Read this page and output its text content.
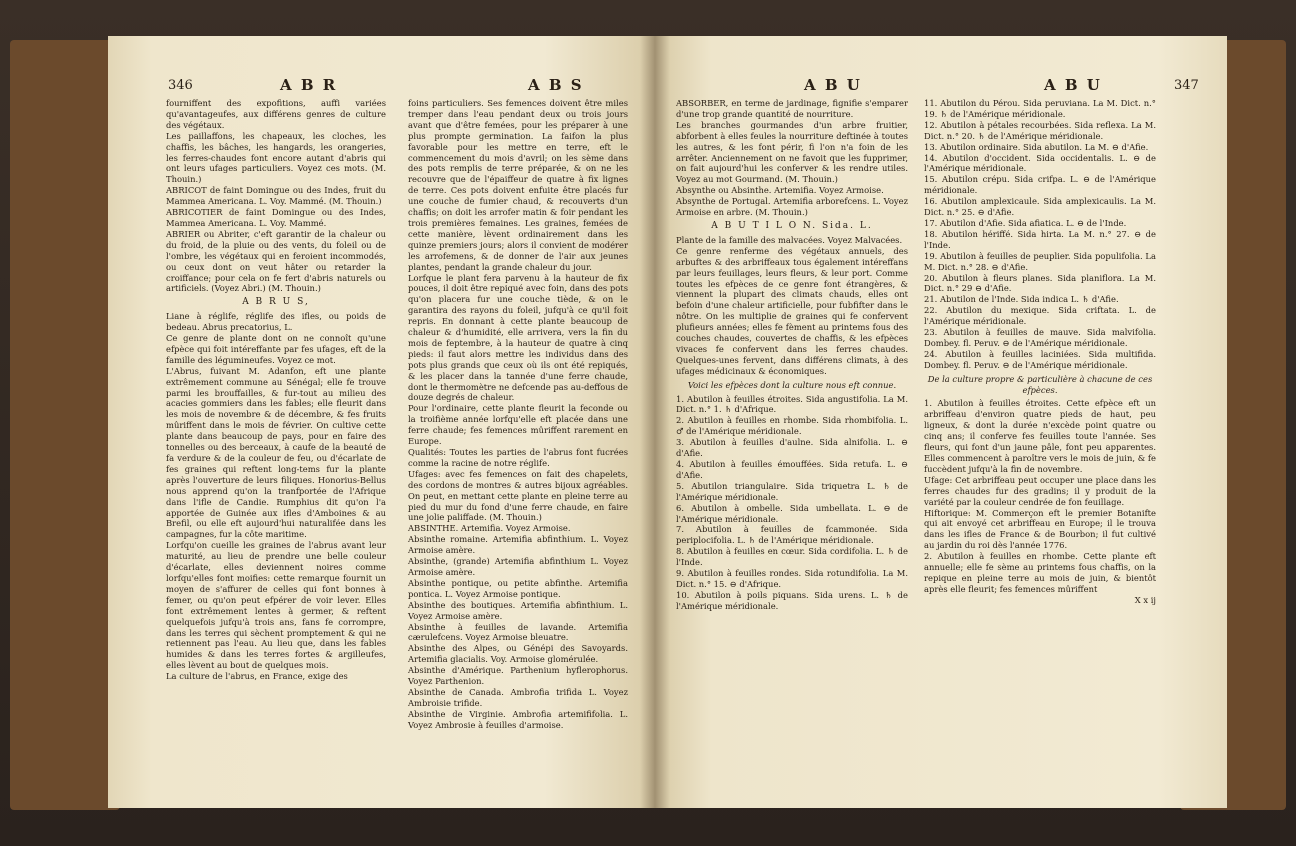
346	A B R	A B S

fourniffent des expofitions, auffi variées qu'avantageufes, aux différens genres de culture des végétaux.

Les paillaffons, les chapeaux, les cloches, les chaffis, les bâches, les hangards, les orangeries, les ferres-chaudes font encore autant d'abris qui ont leurs ufages particuliers. Voyez ces mots. (M. Thouin.)

ABRICOT de faint Domingue ou des Indes, fruit du Mammea Americana. L. Voy. Mammé. (M. Thouin.)

ABRICOTIER de faint Domingue ou des Indes, Mammea Americana. L. Voy. Mammé.

ABRIER ou Abriter, c'eft garantir de la chaleur ou du froid, de la pluie ou des vents, du foleil ou de l'ombre, les végétaux qui en feroient incommodés, ou ceux dont on veut hâter ou retarder la croiffance; pour cela on fe fert d'abris naturels ou artificiels. (Voyez Abri.) (M. Thouin.)

A B R U S,

Liane à réglife, réglife des ifles, ou poids de bedeau. Abrus precatorius, L.

Ce genre de plante dont on ne connoît qu'une efpèce qui foit intéreffante par fes ufages, eft de la famille des légumineufes. Voyez ce mot.

L'Abrus, fuivant M. Adanfon, eft une plante extrêmement commune au Sénégal; elle fe trouve parmi les brouffailles, & fur-tout au milieu des acacies gommiers dans les fables; elle fleurit dans les mois de novembre & de décembre, & fes fruits mûriffent dans le mois de février. On cultive cette plante dans beaucoup de pays, pour en faire des tonnelles ou des berceaux, à caufe de la beauté de fa verdure & de la couleur de feu, ou d'écarlate de fes graines qui reftent long-tems fur la plante après l'ouverture de leurs filiques. Honorius-Bellus nous apprend qu'on la tranfportée de l'Afrique dans l'ifle de Candie. Rumphius dit qu'on l'a apportée de Guinée aux ifles d'Amboines & au Brefil, ou elle eft aujourd'hui naturalifée dans les campagnes, fur la côte maritime.

Lorfqu'on cueille les graines de l'abrus avant leur maturité, au lieu de prendre une belle couleur d'écarlate, elles deviennent noires comme lorfqu'elles font moifies: cette remarque fournit un moyen de s'affurer de celles qui font bonnes à femer, ou qu'on peut efpérer de voir lever. Elles font extrêmement lentes à germer, & reftent quelquefois jufqu'à trois ans, fans fe corrompre, dans les terres qui sèchent promptement & qui ne retiennent pas l'eau. Au lieu que, dans les fables humides & dans les terres fortes & argilleufes, elles lèvent au bout de quelques mois.

La culture de l'abrus, en France, exige des

foins particuliers. Ses femences doivent être miles tremper dans l'eau pendant deux ou trois jours avant que d'être femées, pour les préparer à une plus prompte germination. La faifon la plus favorable pour les mettre en terre, eft le commencement du mois d'avril; on les sème dans des pots remplis de terre préparée, & on ne les recouvre que de l'épaiffeur de quatre à fix lignes de terre. Ces pots doivent enfuite être placés fur une couche de fumier chaud, & recouverts d'un chaffis; on doit les arrofer matin & foir pendant les trois premières femaines. Les graines, femées de cette manière, lèvent ordinairement dans les quinze premiers jours; alors il convient de modérer les arrofemens, & de donner de l'air aux jeunes plantes, pendant la grande chaleur du jour.

Lorfque le plant fera parvenu à la hauteur de fix pouces, il doit être repiqué avec foin, dans des pots qu'on placera fur une couche tiède, & on le garantira des rayons du foleil, jufqu'à ce qu'il foit repris. En donnant à cette plante beaucoup de chaleur & d'humidité, elle arrivera, vers la fin du mois de feptembre, à la hauteur de quatre à cinq pieds: il faut alors mettre les individus dans des pots plus grands que ceux où ils ont été repiqués, & les placer dans la tannée d'une ferre chaude, dont le thermomètre ne defcende pas au-deffous de douze degrés de chaleur.

Pour l'ordinaire, cette plante fleurit la feconde ou la troifième année lorfqu'elle eft placée dans une ferre chaude; fes femences mûriffent rarement en Europe.

Qualités: Toutes les parties de l'abrus font fucrées comme la racine de notre réglife.

Ufages: avec fes femences on fait des chapelets, des cordons de montres & autres bijoux agréables. On peut, en mettant cette plante en pleine terre au pied du mur du fond d'une ferre chaude, en faire une jolie paliffade. (M. Thouin.)

ABSINTHE. Artemifia. Voyez Armoise.

Absinthe romaine. Artemifia abfinthium. L. Voyez Armoise amère.

Absinthe, (grande) Artemifia abfinthium L. Voyez Armoise amère.

Absinthe pontique, ou petite abfinthe. Artemifia pontica. L. Voyez Armoise pontique.

Absinthe des boutiques. Artemifia abfinthium. L. Voyez Armoise amère.

Absinthe à feuilles de lavande. Artemifia cærulefcens. Voyez Armoise bleuatre.

Absinthe des Alpes, ou Génépi des Savoyards. Artemifia glacialis. Voy. Armoise glomérulée.

Absinthe d'Amérique. Parthenium hyflerophorus. Voyez Parthenion.

Absinthe de Canada. Ambrofia trifida L. Voyez Ambroisie trifide.

Absinthe de Virginie. Ambrofia artemififolia. L. Voyez Ambrosie à feuilles d'armoise.

A B U	A B U	347

ABSORBER, en terme de jardinage, fignifie s'emparer d'une trop grande quantité de nourriture.

Les branches gourmandes d'un arbre fruitier, abforbent à elles feules la nourriture deftinée à toutes les autres, & les font périr, fi l'on n'a foin de les arrêter. Anciennement on ne favoit que les fupprimer, on fait aujourd'hui les conferver & les rendre utiles. Voyez au mot Gourmand. (M. Thouin.)

Absynthe ou Absinthe. Artemifia. Voyez Armoise.

Absynthe de Portugal. Artemifia arborefcens. L. Voyez Armoise en arbre. (M. Thouin.)

A B U T I L O N. Sida. L.

Plante de la famille des malvacées. Voyez Malvacées.

Ce genre renferme des végétaux annuels, des arbuftes & des arbriffeaux tous également intéreffans par leurs feuillages, leurs fleurs, & leur port. Comme toutes les efpèces de ce genre font étrangères, & viennent la plupart des climats chauds, elles ont befoin d'une chaleur artificielle, pour fubfifter dans le nôtre. On les multiplie de graines qui fe confervent plufieurs années; elles fe fèment au printems fous des couches chaudes, couvertes de chaffis, & les efpèces vivaces fe confervent dans les ferres chaudes. Quelques-unes fervent, dans différens climats, à des ufages médicinaux & économiques.

Voici les efpèces dont la culture nous eft connue.

1. Abutilon à feuilles étroites. Sida angustifolia. La M. Dict. n.° 1. ♄ d'Afrique.

2. Abutilon à feuilles en rhombe. Sida rhombifolia. L. ♂ de l'Amérique méridionale.

3. Abutilon à feuilles d'aulne. Sida alnifolia. L. ⊖ d'Afie.

4. Abutilon à feuilles émouffées. Sida retufa. L. ⊖ d'Afie.

5. Abutilon triangulaire. Sida triquetra L. ♄ de l'Amérique méridionale.

6. Abutilon à ombelle. Sida umbellata. L. ⊖ de l'Amérique méridionale.

7. Abutilon à feuilles de fcammonée. Sida periplocifolia. L. ♄ de l'Amérique méridionale.

8. Abutilon à feuilles en cœur. Sida cordifolia. L. ♄ de l'Inde.

9. Abutilon à feuilles rondes. Sida rotundifolia. La M. Dict. n.° 15. ⊖ d'Afrique.

10. Abutilon à poils piquans. Sida urens. L. ♄ de l'Amérique méridionale.

11. Abutilon du Pérou. Sida peruviana. La M. Dict. n.° 19. ♄ de l'Amérique méridionale.

12. Abutilon à pétales recourbées. Sida reflexa. La M. Dict. n.° 20. ♄ de l'Amérique méridionale.

13. Abutilon ordinaire. Sida abutilon. La M. ⊖ d'Afie.

14. Abutilon d'occident. Sida occidentalis. L. ⊖ de l'Amérique méridionale.

15. Abutilon crépu. Sida crifpa. L. ⊖ de l'Amérique méridionale.

16. Abutilon amplexicaule. Sida amplexicaulis. La M. Dict. n.° 25. ⊖ d'Afie.

17. Abutilon d'Afie. Sida afiatica. L. ⊖ de l'Inde.

18. Abutilon hériffé. Sida hirta. La M. n.° 27. ⊖ de l'Inde.

19. Abutilon à feuilles de peuplier. Sida populifolia. La M. Dict. n.° 28. ⊖ d'Afie.

20. Abutilon à fleurs planes. Sida planiflora. La M. Dict. n.° 29 ⊖ d'Afie.

21. Abutilon de l'Inde. Sida indica L. ♄ d'Afie.

22. Abutilon du mexique. Sida criftata. L. de l'Amérique méridionale.

23. Abutilon à feuilles de mauve. Sida malvifolia. Dombey. fl. Peruv. ⊖ de l'Amérique méridionale.

24. Abutilon à feuilles laciniées. Sida multifida. Dombey. fl. Peruv. ⊖ de l'Amérique méridionale.

De la culture propre & particulière à chacune de ces efpèces.

1. Abutilon à feuilles étroites. Cette efpèce eft un arbriffeau d'environ quatre pieds de haut, peu ligneux, & dont la durée n'excède point quatre ou cinq ans; il conferve fes feuilles toute l'année. Ses fleurs, qui font d'un jaune pâle, font peu apparentes. Elles commencent à paroître vers le mois de juin, & fe fuccèdent jufqu'à la fin de novembre.

Ufage: Cet arbriffeau peut occuper une place dans les ferres chaudes fur des gradins; il y produit de la variété par la couleur cendrée de fon feuillage.

Hiftorique: M. Commerçon eft le premier Botanifte qui ait envoyé cet arbriffeau en Europe; il le trouva dans les ifles de France & de Bourbon; il fut cultivé au jardin du roi dès l'année 1776.

2. Abutilon à feuilles en rhombe. Cette plante eft annuelle; elle fe sème au printems fous chaffis, on la repique en pleine terre au mois de juin, & bientôt après elle fleurit; fes femences mûriffent

X x ij
